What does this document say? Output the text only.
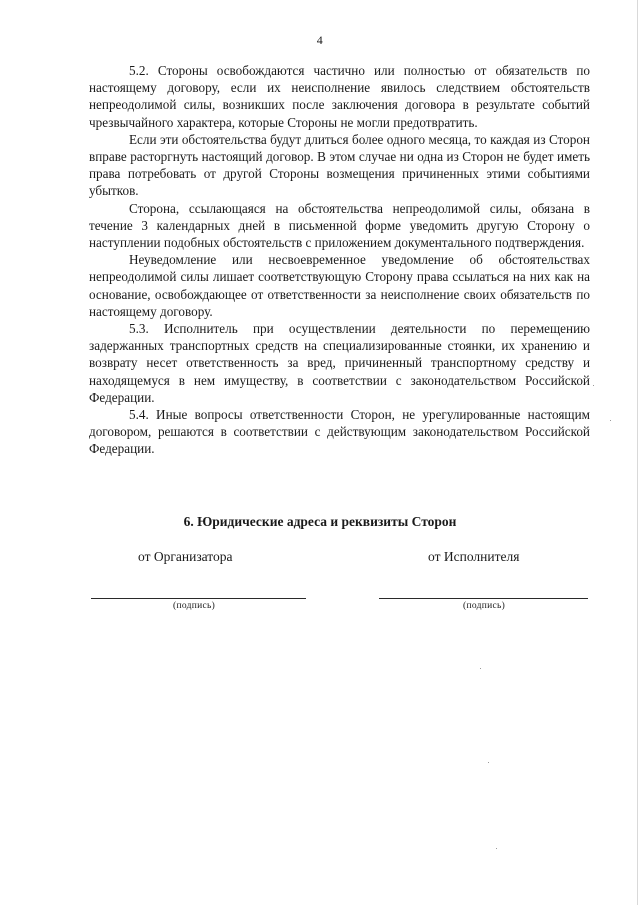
4

5.2. Стороны освобождаются частично или полностью от обязательств по настоящему договору, если их неисполнение явилось следствием обстоятельств непреодолимой силы, возникших после заключения договора в результате событий чрезвычайного характера, которые Стороны не могли предотвратить.

Если эти обстоятельства будут длиться более одного месяца, то каждая из Сторон вправе расторгнуть настоящий договор. В этом случае ни одна из Сторон не будет иметь права потребовать от другой Стороны возмещения причиненных этими событиями убытков.

Сторона, ссылающаяся на обстоятельства непреодолимой силы, обязана в течение 3 календарных дней в письменной форме уведомить другую Сторону о наступлении подобных обстоятельств с приложением документального подтверждения.

Неуведомление или несвоевременное уведомление об обстоятельствах непреодолимой силы лишает соответствующую Сторону права ссылаться на них как на основание, освобождающее от ответственности за неисполнение своих обязательств по настоящему договору.

5.3. Исполнитель при осуществлении деятельности по перемещению задержанных транспортных средств на специализированные стоянки, их хранению и возврату несет ответственность за вред, причиненный транспортному средству и находящемуся в нем имуществу, в соответствии с законодательством Российской Федерации.

5.4. Иные вопросы ответственности Сторон, не урегулированные настоящим договором, решаются в соответствии с действующим законодательством Российской Федерации.

6. Юридические адреса и реквизиты Сторон
от Организатора	от Исполнителя
(подпись)	(подпись)
